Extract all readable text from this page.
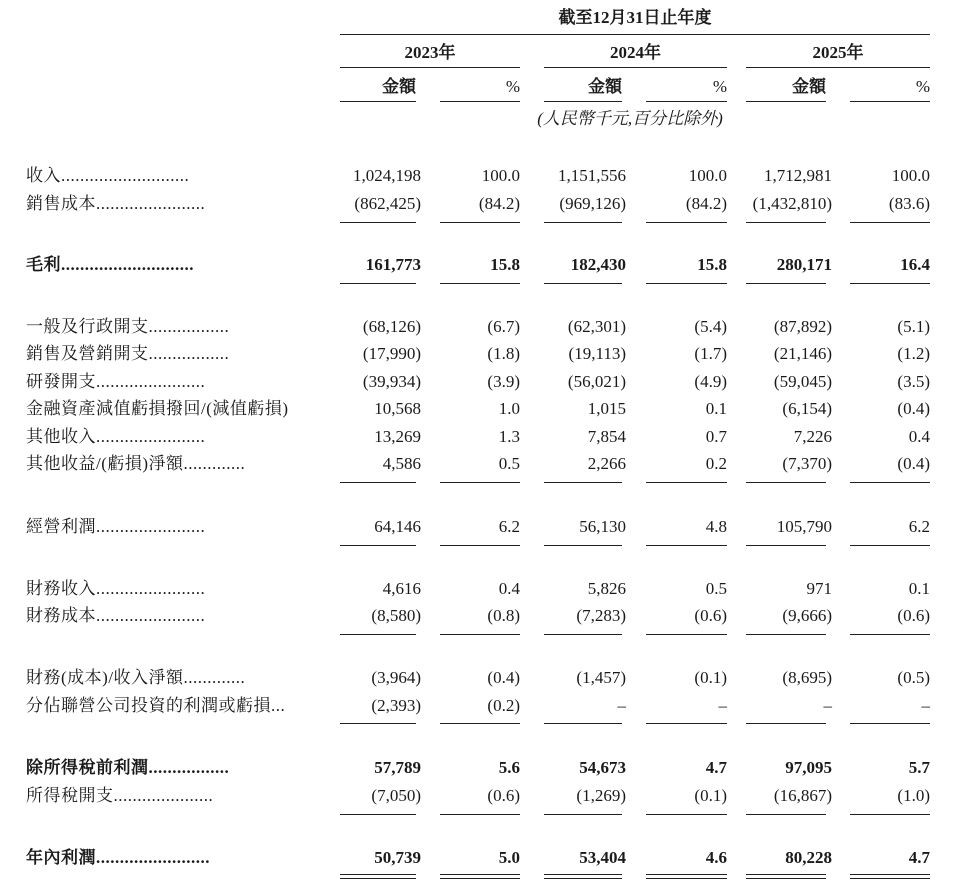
截至12月31日止年度
2023年	2024年	2025年
金額	%	金額	%	金額	%
(人民幣千元,百分比除外)
收入...........................	1,024,198	100.0	1,151,556	100.0	1,712,981	100.0
銷售成本.......................	(862,425)	(84.2)	(969,126)	(84.2)	(1,432,810)	(83.6)
毛利............................	161,773	15.8	182,430	15.8	280,171	16.4
一般及行政開支.................	(68,126)	(6.7)	(62,301)	(5.4)	(87,892)	(5.1)
銷售及營銷開支.................	(17,990)	(1.8)	(19,113)	(1.7)	(21,146)	(1.2)
研發開支.......................	(39,934)	(3.9)	(56,021)	(4.9)	(59,045)	(3.5)
金融資產減值虧損撥回/(減值虧損)	10,568	1.0	1,015	0.1	(6,154)	(0.4)
其他收入.......................	13,269	1.3	7,854	0.7	7,226	0.4
其他收益/(虧損)淨額.............	4,586	0.5	2,266	0.2	(7,370)	(0.4)
經營利潤.......................	64,146	6.2	56,130	4.8	105,790	6.2
財務收入.......................	4,616	0.4	5,826	0.5	971	0.1
財務成本.......................	(8,580)	(0.8)	(7,283)	(0.6)	(9,666)	(0.6)
財務(成本)/收入淨額.............	(3,964)	(0.4)	(1,457)	(0.1)	(8,695)	(0.5)
分佔聯營公司投資的利潤或虧損...	(2,393)	(0.2)	–	–	–	–
除所得稅前利潤.................	57,789	5.6	54,673	4.7	97,095	5.7
所得稅開支.....................	(7,050)	(0.6)	(1,269)	(0.1)	(16,867)	(1.0)
年內利潤........................	50,739	5.0	53,404	4.6	80,228	4.7
